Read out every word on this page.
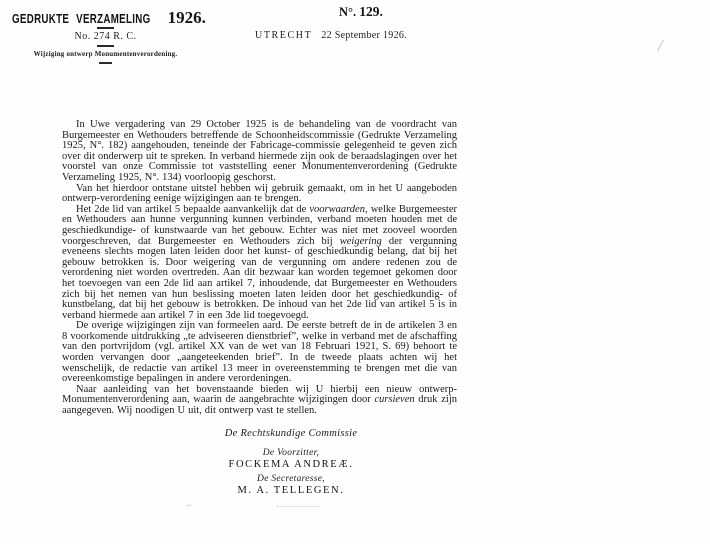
GEDRUKTE VERZAMELING 1926.	N°. 129.
No. 274 R. C.
Wijziging ontwerp Monumentenverordening.
UTRECHT 22 September 1926.

In Uwe vergadering van 29 October 1925 is de behandeling van de voordracht van Burgemeester en Wethouders betreffende de Schoonheidscommissie (Gedrukte Verzameling 1925, N°. 182) aangehouden, teneinde der Fabricage-commissie gelegenheid te geven zich over dit onderwerp uit te spreken. In verband hiermede zijn ook de beraadslagingen over het voorstel van onze Commissie tot vaststelling eener Monumentenverordening (Gedrukte Verzameling 1925, N°. 134) voorloopig geschorst.

Van het hierdoor ontstane uitstel hebben wij gebruik gemaakt, om in het U aangeboden ontwerp-verordening eenige wijzigingen aan te brengen.

Het 2de lid van artikel 5 bepaalde aanvankelijk dat de voorwaarden, welke Burgemeester en Wethouders aan hunne vergunning kunnen verbinden, verband moeten houden met de geschiedkundige- of kunstwaarde van het gebouw. Echter was niet met zooveel woorden voorgeschreven, dat Burgemeester en Wethouders zich bij weigering der vergunning eveneens slechts mogen laten leiden door het kunst- of geschiedkundig belang, dat bij het gebouw betrokken is. Door weigering van de vergunning om andere redenen zou de verordening niet worden overtreden. Aan dit bezwaar kan worden tegemoet gekomen door het toevoegen van een 2de lid aan artikel 7, inhoudende, dat Burgemeester en Wethouders zich bij het nemen van hun beslissing moeten laten leiden door het geschiedkundig- of kunstbelang, dat bij het gebouw is betrokken. De inhoud van het 2de lid van artikel 5 is in verband hiermede aan artikel 7 in een 3de lid toegevoegd.

De overige wijzigingen zijn van formeelen aard. De eerste betreft de in de artikelen 3 en 8 voorkomende uitdrukking „te adviseeren dienstbrief”, welke in verband met de afschaffing van den portvrijdom (vgl. artikel XX van de wet van 18 Februari 1921, S. 69) behoort te worden vervangen door „aangeteekenden brief”. In de tweede plaats achten wij het wenschelijk, de redactie van artikel 13 meer in overeenstemming te brengen met die van overeenkomstige bepalingen in andere verordeningen.

Naar aanleiding van het bovenstaande bieden wij U hierbij een nieuw ontwerp-Monumentenverordening aan, waarin de aangebrachte wijzigingen door cursieven druk zijn aangegeven. Wij noodigen U uit, dit ontwerp vast te stellen.

De Rechtskundige Commissie
De Voorzitter,
FOCKEMA ANDREÆ.
De Secretaresse,
M. A. TELLEGEN.
